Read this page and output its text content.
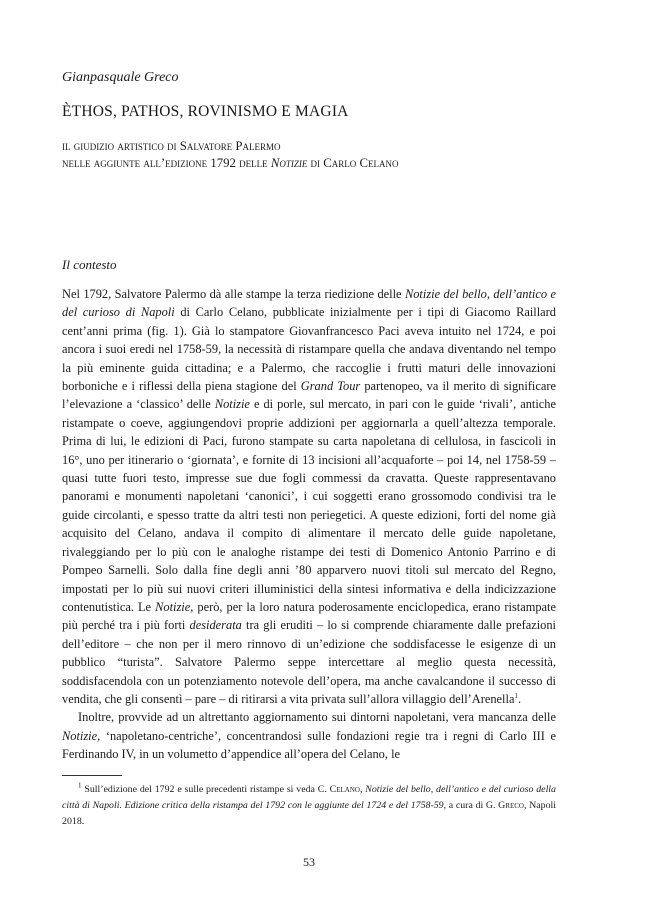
Gianpasquale Greco
ÈTHOS, PATHOS, ROVINISMO E MAGIA
il giudizio artistico di Salvatore Palermo
nelle aggiunte all’edizione 1792 delle Notizie di Carlo Celano
Il contesto

Nel 1792, Salvatore Palermo dà alle stampe la terza riedizione delle Notizie del bello, dell’antico e del curioso di Napoli di Carlo Celano, pubblicate inizialmente per i tipi di Giacomo Raillard cent’anni prima (fig. 1). Già lo stampatore Giovanfrancesco Paci aveva intuito nel 1724, e poi ancora i suoi eredi nel 1758-59, la necessità di ristampare quella che andava diventando nel tempo la più eminente guida cittadina; e a Palermo, che raccoglie i frutti maturi delle innovazioni borboniche e i riflessi della piena stagione del Grand Tour partenopeo, va il merito di significare l’elevazione a ‘classico’ delle Notizie e di porle, sul mercato, in pari con le guide ‘rivali’, antiche ristampate o coeve, aggiungendovi proprie addizioni per aggiornarla a quell’altezza temporale. Prima di lui, le edizioni di Paci, furono stampate su carta napoletana di cellulosa, in fascicoli in 16°, uno per itinerario o ‘giornata’, e fornite di 13 incisioni all’acquaforte – poi 14, nel 1758-59 – quasi tutte fuori testo, impresse sue due fogli commessi da cravatta. Queste rappresentavano panorami e monumenti napoletani ‘canonici’, i cui soggetti erano grossomodo condivisi tra le guide circolanti, e spesso tratte da altri testi non periegetici. A queste edizioni, forti del nome già acquisito del Celano, andava il compito di alimentare il mercato delle guide napoletane, rivaleggiando per lo più con le analoghe ristampe dei testi di Domenico Antonio Parrino e di Pompeo Sarnelli. Solo dalla fine degli anni ’80 apparvero nuovi titoli sul mercato del Regno, impostati per lo più sui nuovi criteri illuministici della sintesi informativa e della indicizzazione contenutistica. Le Notizie, però, per la loro natura poderosamente enciclopedica, erano ristampate più perché tra i più forti desiderata tra gli eruditi – lo si comprende chiaramente dalle prefazioni dell’editore – che non per il mero rinnovo di un’edizione che soddisfacesse le esigenze di un pubblico “turista”. Salvatore Palermo seppe intercettare al meglio questa necessità, soddisfacendola con un potenziamento notevole dell’opera, ma anche cavalcandone il successo di vendita, che gli consentì – pare – di ritirarsi a vita privata sull’allora villaggio dell’Arenella$^1$.

Inoltre, provvide ad un altrettanto aggiornamento sui dintorni napoletani, vera mancanza delle Notizie, ‘napoletano-centriche’, concentrandosi sulle fondazioni regie tra i regni di Carlo III e Ferdinando IV, in un volumetto d’appendice all’opera del Celano, le

$^1$ Sull’edizione del 1792 e sulle precedenti ristampe si veda C. Celano, Notizie del bello, dell’antico e del curioso della città di Napoli. Edizione critica della ristampa del 1792 con le aggiunte del 1724 e del 1758-59, a cura di G. Greco, Napoli 2018.
53
